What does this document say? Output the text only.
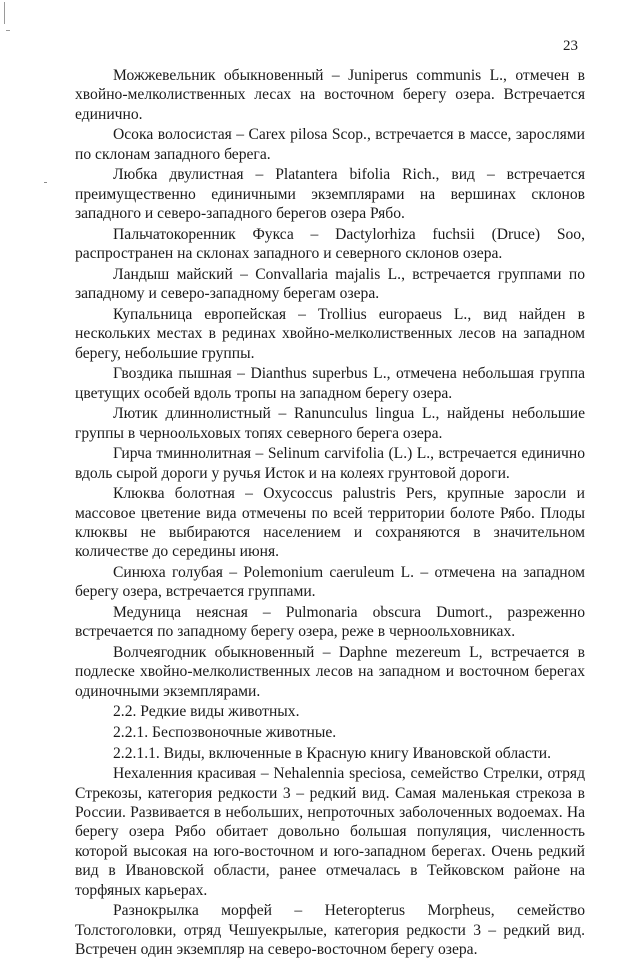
23

Можжевельник обыкновенный – Juniperus communis L., отмечен в хвойно-мелколиственных лесах на восточном берегу озера. Встречается единично.

Осока волосистая – Carex pilosa Scop., встречается в массе, зарослями по склонам западного берега.

Любка двулистная – Platantera bifolia Rich., вид – встречается преимущественно единичными экземплярами на вершинах склонов западного и северо-западного берегов озера Рябо.

Пальчатокоренник Фукса – Dactylorhiza fuchsii (Druce) Soo, распространен на склонах западного и северного склонов озера.

Ландыш майский – Convallaria majalis L., встречается группами по западному и северо-западному берегам озера.

Купальница европейская – Trollius europaeus L., вид найден в нескольких местах в рединах хвойно-мелколиственных лесов на западном берегу, небольшие группы.

Гвоздика пышная – Dianthus superbus L., отмечена небольшая группа цветущих особей вдоль тропы на западном берегу озера.

Лютик длиннолистный – Ranunculus lingua L., найдены небольшие группы в черноольховых топях северного берега озера.

Гирча тминнолитная – Selinum carvifolia (L.) L., встречается единично вдоль сырой дороги у ручья Исток и на колеях грунтовой дороги.

Клюква болотная – Oxycoccus palustris Pers, крупные заросли и массовое цветение вида отмечены по всей территории болоте Рябо. Плоды клюквы не выбираются населением и сохраняются в значительном количестве до середины июня.

Синюха голубая – Polemonium caeruleum L. – отмечена на западном берегу озера, встречается группами.

Медуница неясная – Pulmonaria obscura Dumort., разреженно встречается по западному берегу озера, реже в черноольховниках.

Волчеягодник обыкновенный – Daphne mezereum L, встречается в подлеске хвойно-мелколиственных лесов на западном и восточном берегах одиночными экземплярами.

2.2. Редкие виды животных.

2.2.1. Беспозвоночные животные.

2.2.1.1. Виды, включенные в Красную книгу Ивановской области.

Нехаленния красивая – Nehalennia speciosa, семейство Стрелки, отряд Стрекозы, категория редкости 3 – редкий вид. Самая маленькая стрекоза в России. Развивается в небольших, непроточных заболоченных водоемах. На берегу озера Рябо обитает довольно большая популяция, численность которой высокая на юго-восточном и юго-западном берегах. Очень редкий вид в Ивановской области, ранее отмечалась в Тейковском районе на торфяных карьерах.

Разнокрылка морфей – Heteropterus Morpheus, семейство Толстоголовки, отряд Чешуекрылые, категория редкости 3 – редкий вид. Встречен один экземпляр на северо-восточном берегу озера.
